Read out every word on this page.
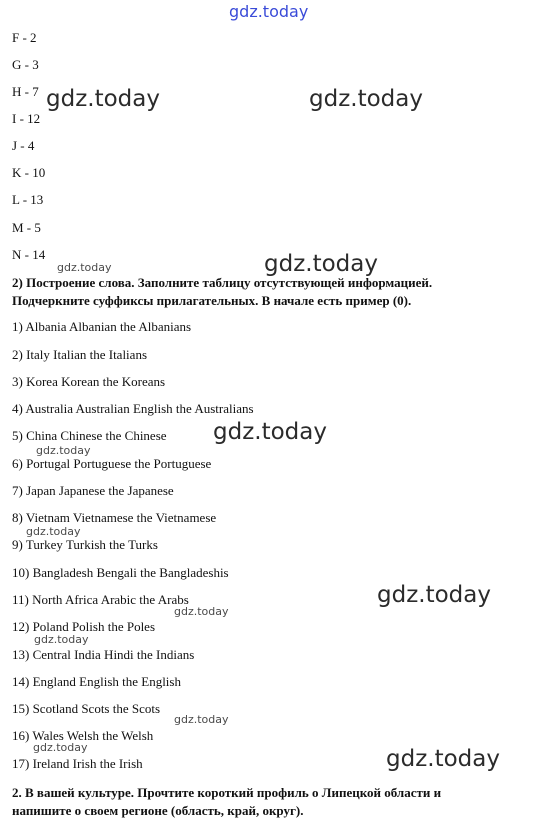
gdz.today
F - 2
G - 3
H - 7
I - 12
J - 4
K - 10
L - 13
M - 5
N - 14
2) Построение слова. Заполните таблицу отсутствующей информацией.
Подчеркните суффиксы прилагательных. В начале есть пример (0).
1) Albania Albanian the Albanians
2) Italy Italian the Italians
3) Korea Korean the Koreans
4) Australia Australian English the Australians
5) China Chinese the Chinese
6) Portugal Portuguese the Portuguese
7) Japan Japanese the Japanese
8) Vietnam Vietnamese the Vietnamese
9) Turkey Turkish the Turks
10) Bangladesh Bengali the Bangladeshis
11) North Africa Arabic the Arabs
12) Poland Polish the Poles
13) Central India Hindi the Indians
14) England English the English
15) Scotland Scots the Scots
16) Wales Welsh the Welsh
17) Ireland Irish the Irish
2. В вашей культуре. Прочтите короткий профиль о Липецкой области и
напишите о своем регионе (область, край, округ).
gdz.today	gdz.today
gdz.today
gdz.today
gdz.today
gdz.today
gdz.today
gdz.today
gdz.today
gdz.today
gdz.today
gdz.today
gdz.today
